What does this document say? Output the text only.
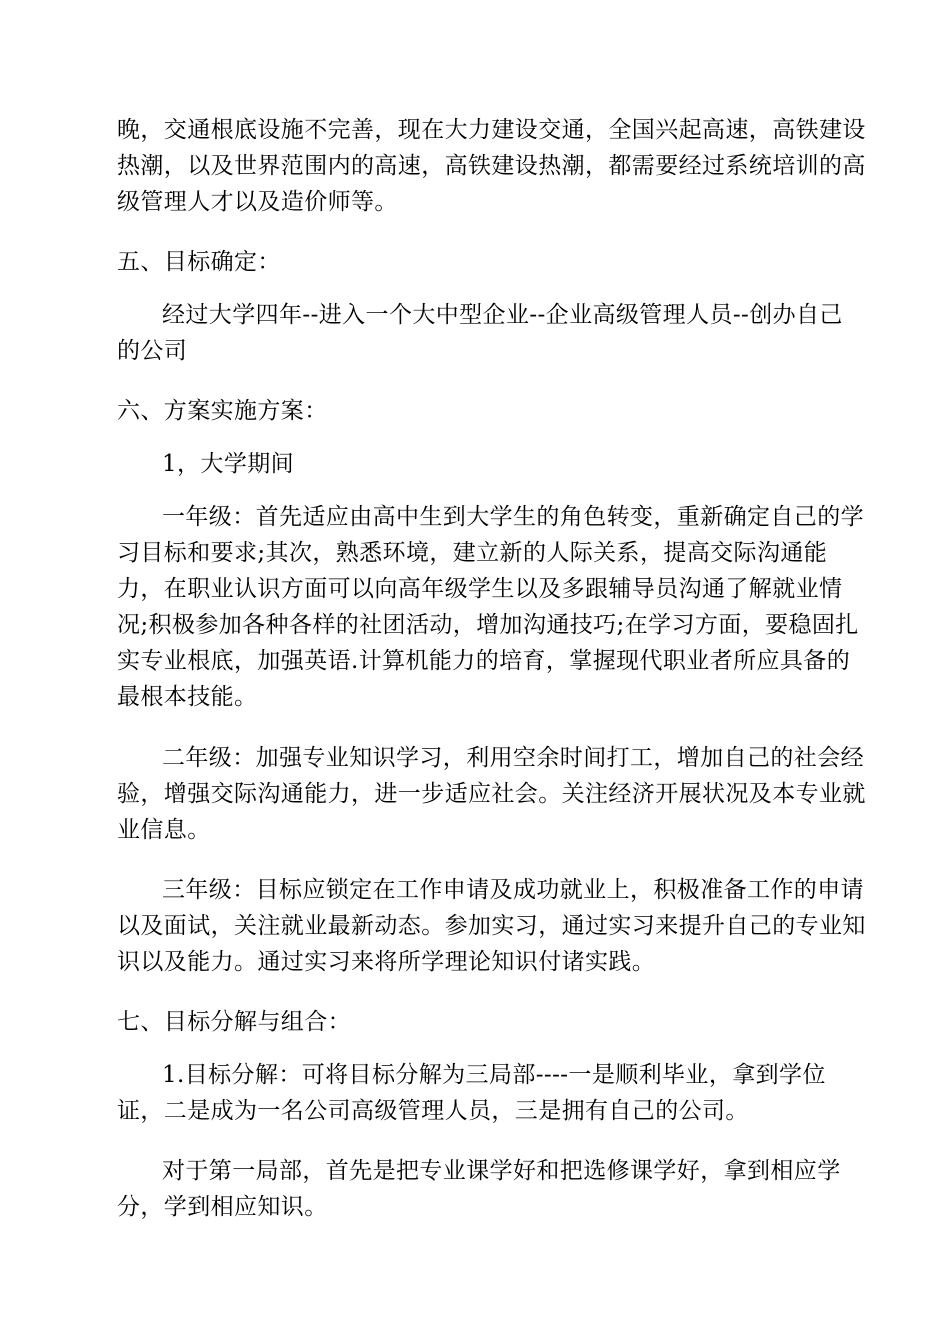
晚，交通根底设施不完善，现在大力建设交通，全国兴起高速，高铁建设
热潮，以及世界范围内的高速，高铁建设热潮，都需要经过系统培训的高
级管理人才以及造价师等。
五、目标确定：
经过大学四年--进入一个大中型企业--企业高级管理人员--创办自己
的公司
六、方案实施方案：
1，大学期间
一年级：首先适应由高中生到大学生的角色转变，重新确定自己的学
习目标和要求;其次，熟悉环境，建立新的人际关系，提高交际沟通能
力，在职业认识方面可以向高年级学生以及多跟辅导员沟通了解就业情
况;积极参加各种各样的社团活动，增加沟通技巧;在学习方面，要稳固扎
实专业根底，加强英语.计算机能力的培育，掌握现代职业者所应具备的
最根本技能。
二年级：加强专业知识学习，利用空余时间打工，增加自己的社会经
验，增强交际沟通能力，进一步适应社会。关注经济开展状况及本专业就
业信息。
三年级：目标应锁定在工作申请及成功就业上，积极准备工作的申请
以及面试，关注就业最新动态。参加实习，通过实习来提升自己的专业知
识以及能力。通过实习来将所学理论知识付诸实践。
七、目标分解与组合：
1.目标分解：可将目标分解为三局部----一是顺利毕业，拿到学位
证，二是成为一名公司高级管理人员，三是拥有自己的公司。
对于第一局部，首先是把专业课学好和把选修课学好，拿到相应学
分，学到相应知识。
